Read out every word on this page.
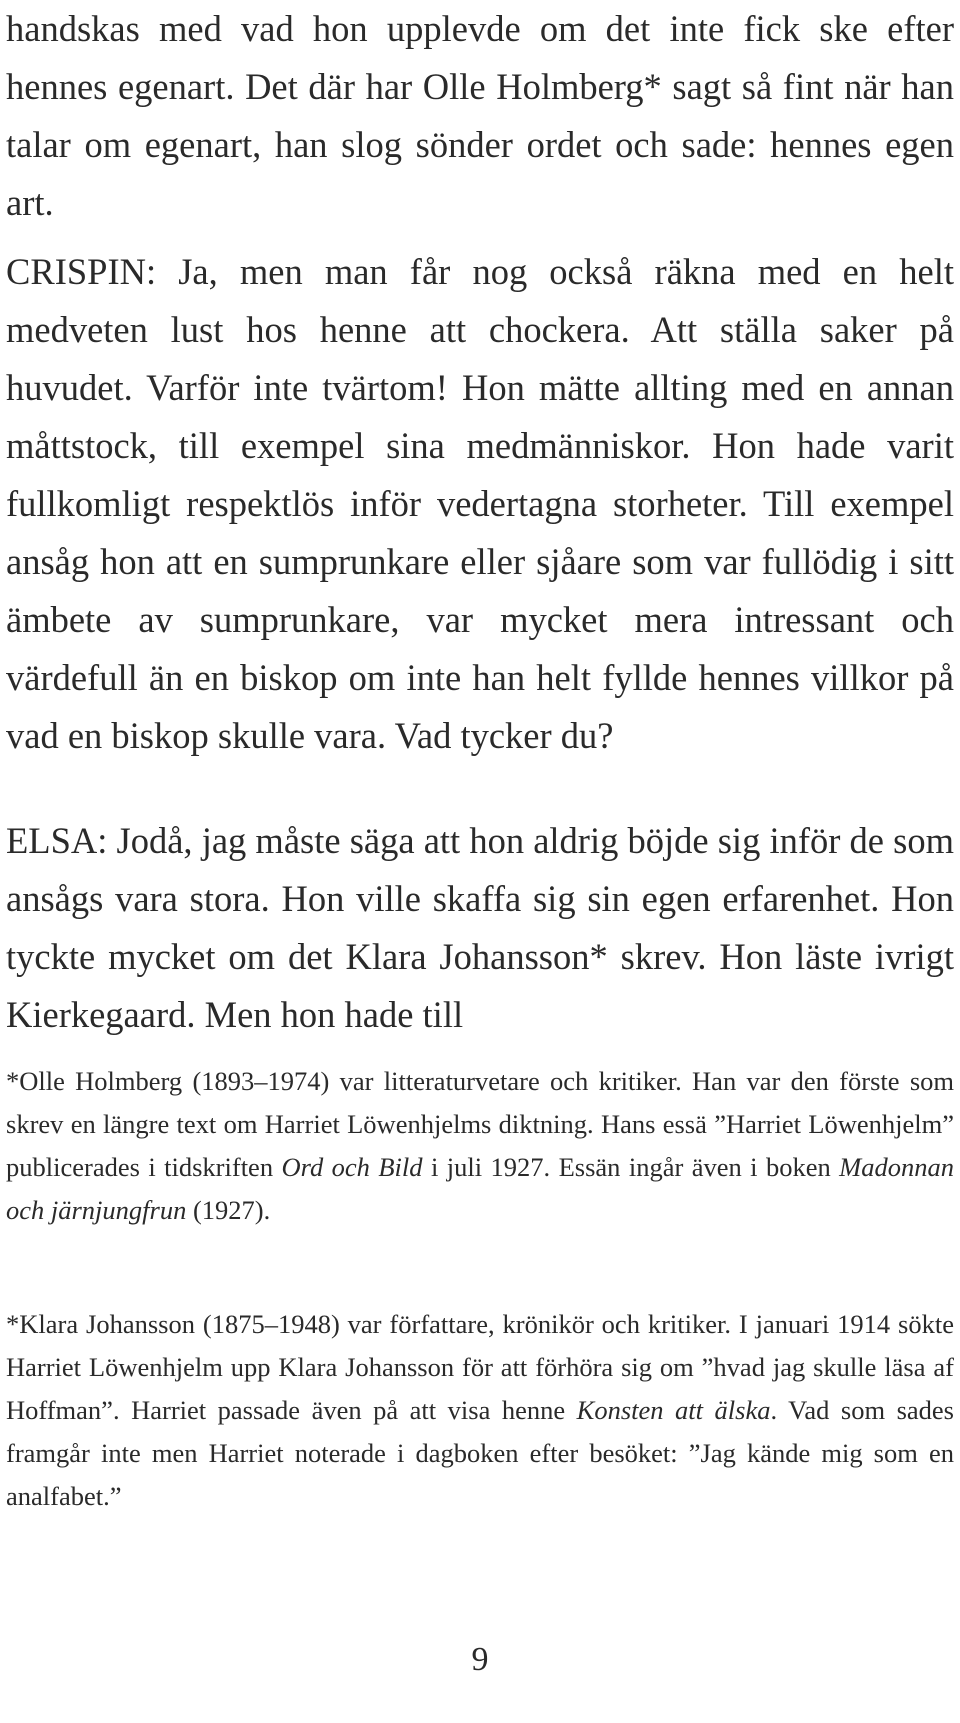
handskas med vad hon upplevde om det inte fick ske efter hennes egenart. Det där har Olle Holmberg* sagt så fint när han talar om egenart, han slog sönder ordet och sade: hennes egen art.

CRISPIN: Ja, men man får nog också räkna med en helt medveten lust hos henne att chockera. Att ställa saker på huvudet. Varför inte tvärtom! Hon mätte allting med en annan måttstock, till exempel sina medmänniskor. Hon hade varit fullkomligt respektlös inför vedertagna storheter. Till exempel ansåg hon att en sumprunkare eller sjåare som var fullödig i sitt ämbete av sumprunkare, var mycket mera intressant och värdefull än en biskop om inte han helt fyllde hennes villkor på vad en biskop skulle vara. Vad tycker du?

ELSA: Jodå, jag måste säga att hon aldrig böjde sig inför de som ansågs vara stora. Hon ville skaffa sig sin egen erfarenhet. Hon tyckte mycket om det Klara Johansson* skrev. Hon läste ivrigt Kierkegaard. Men hon hade till

*Olle Holmberg (1893–1974) var litteraturvetare och kritiker. Han var den förste som skrev en längre text om Harriet Löwenhjelms diktning. Hans essä ”Harriet Löwenhjelm” publicerades i tidskriften Ord och Bild i juli 1927. Essän ingår även i boken Madonnan och järnjungfrun (1927).

*Klara Johansson (1875–1948) var författare, krönikör och kritiker. I januari 1914 sökte Harriet Löwenhjelm upp Klara Johansson för att förhöra sig om ”hvad jag skulle läsa af Hoffman”. Harriet passade även på att visa henne Konsten att älska. Vad som sades framgår inte men Harriet noterade i dagboken efter besöket: ”Jag kände mig som en analfabet.”

9
